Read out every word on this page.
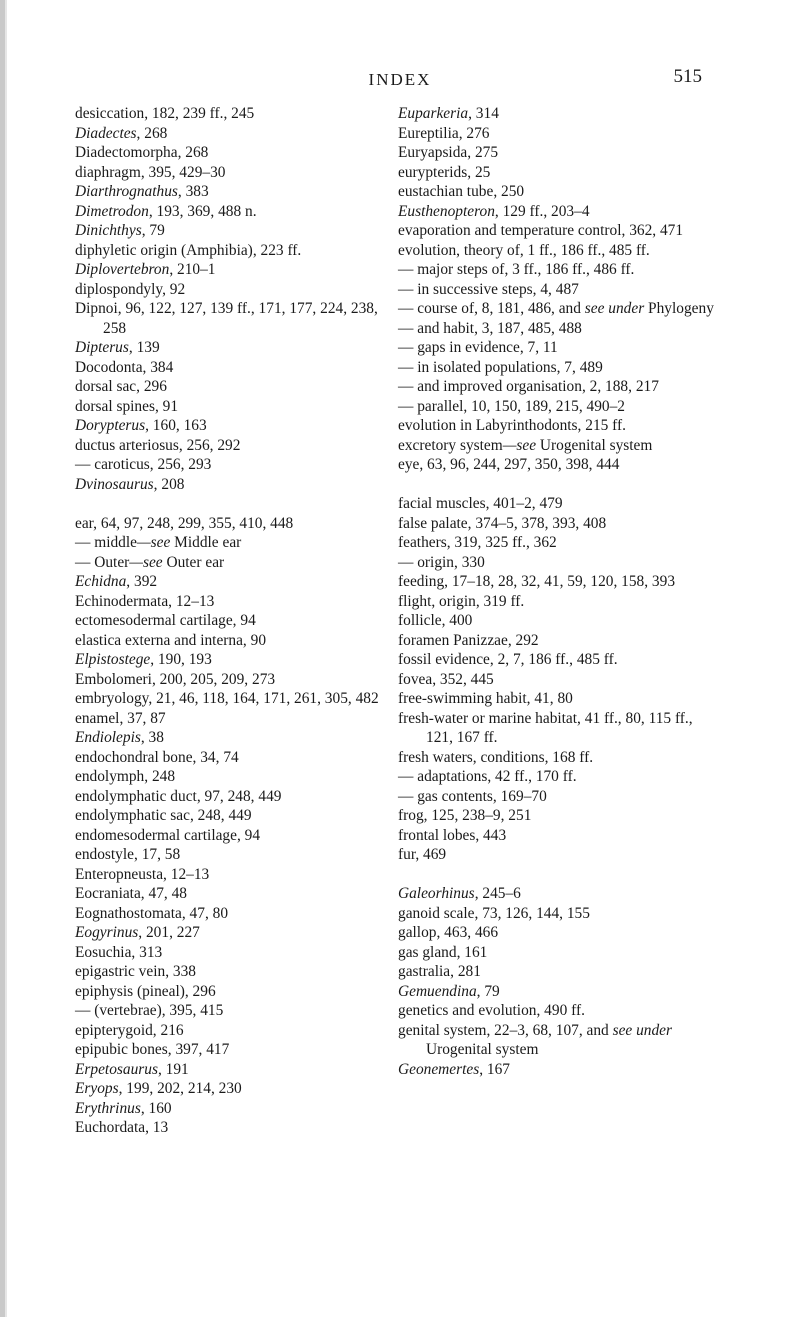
INDEX	515
desiccation, 182, 239 ff., 245
Diadectes, 268
Diadectomorpha, 268
diaphragm, 395, 429–30
Diarthrognathus, 383
Dimetrodon, 193, 369, 488 n.
Dinichthys, 79
diphyletic origin (Amphibia), 223 ff.
Diplovertebron, 210–1
diplospondyly, 92
Dipnoi, 96, 122, 127, 139 ff., 171, 177, 224, 238, 258
Dipterus, 139
Docodonta, 384
dorsal sac, 296
dorsal spines, 91
Dorypterus, 160, 163
ductus arteriosus, 256, 292
— caroticus, 256, 293
Dvinosaurus, 208
ear, 64, 97, 248, 299, 355, 410, 448
— middle—see Middle ear
— Outer—see Outer ear
Echidna, 392
Echinodermata, 12–13
ectomesodermal cartilage, 94
elastica externa and interna, 90
Elpistostege, 190, 193
Embolomeri, 200, 205, 209, 273
embryology, 21, 46, 118, 164, 171, 261, 305, 482
enamel, 37, 87
Endiolepis, 38
endochondral bone, 34, 74
endolymph, 248
endolymphatic duct, 97, 248, 449
endolymphatic sac, 248, 449
endomesodermal cartilage, 94
endostyle, 17, 58
Enteropneusta, 12–13
Eocraniata, 47, 48
Eognathostomata, 47, 80
Eogyrinus, 201, 227
Eosuchia, 313
epigastric vein, 338
epiphysis (pineal), 296
— (vertebrae), 395, 415
epipterygoid, 216
epipubic bones, 397, 417
Erpetosaurus, 191
Eryops, 199, 202, 214, 230
Erythrinus, 160
Euchordata, 13
Euparkeria, 314
Eureptilia, 276
Euryapsida, 275
eurypterids, 25
eustachian tube, 250
Eusthenopteron, 129 ff., 203–4
evaporation and temperature control, 362, 471
evolution, theory of, 1 ff., 186 ff., 485 ff.
— major steps of, 3 ff., 186 ff., 486 ff.
— in successive steps, 4, 487
— course of, 8, 181, 486, and see under Phylogeny
— and habit, 3, 187, 485, 488
— gaps in evidence, 7, 11
— in isolated populations, 7, 489
— and improved organisation, 2, 188, 217
— parallel, 10, 150, 189, 215, 490–2
evolution in Labyrinthodonts, 215 ff.
excretory system—see Urogenital system
eye, 63, 96, 244, 297, 350, 398, 444
facial muscles, 401–2, 479
false palate, 374–5, 378, 393, 408
feathers, 319, 325 ff., 362
— origin, 330
feeding, 17–18, 28, 32, 41, 59, 120, 158, 393
flight, origin, 319 ff.
follicle, 400
foramen Panizzae, 292
fossil evidence, 2, 7, 186 ff., 485 ff.
fovea, 352, 445
free-swimming habit, 41, 80
fresh-water or marine habitat, 41 ff., 80, 115 ff., 121, 167 ff.
fresh waters, conditions, 168 ff.
— adaptations, 42 ff., 170 ff.
— gas contents, 169–70
frog, 125, 238–9, 251
frontal lobes, 443
fur, 469
Galeorhinus, 245–6
ganoid scale, 73, 126, 144, 155
gallop, 463, 466
gas gland, 161
gastralia, 281
Gemuendina, 79
genetics and evolution, 490 ff.
genital system, 22–3, 68, 107, and see under Urogenital system
Geonemertes, 167
